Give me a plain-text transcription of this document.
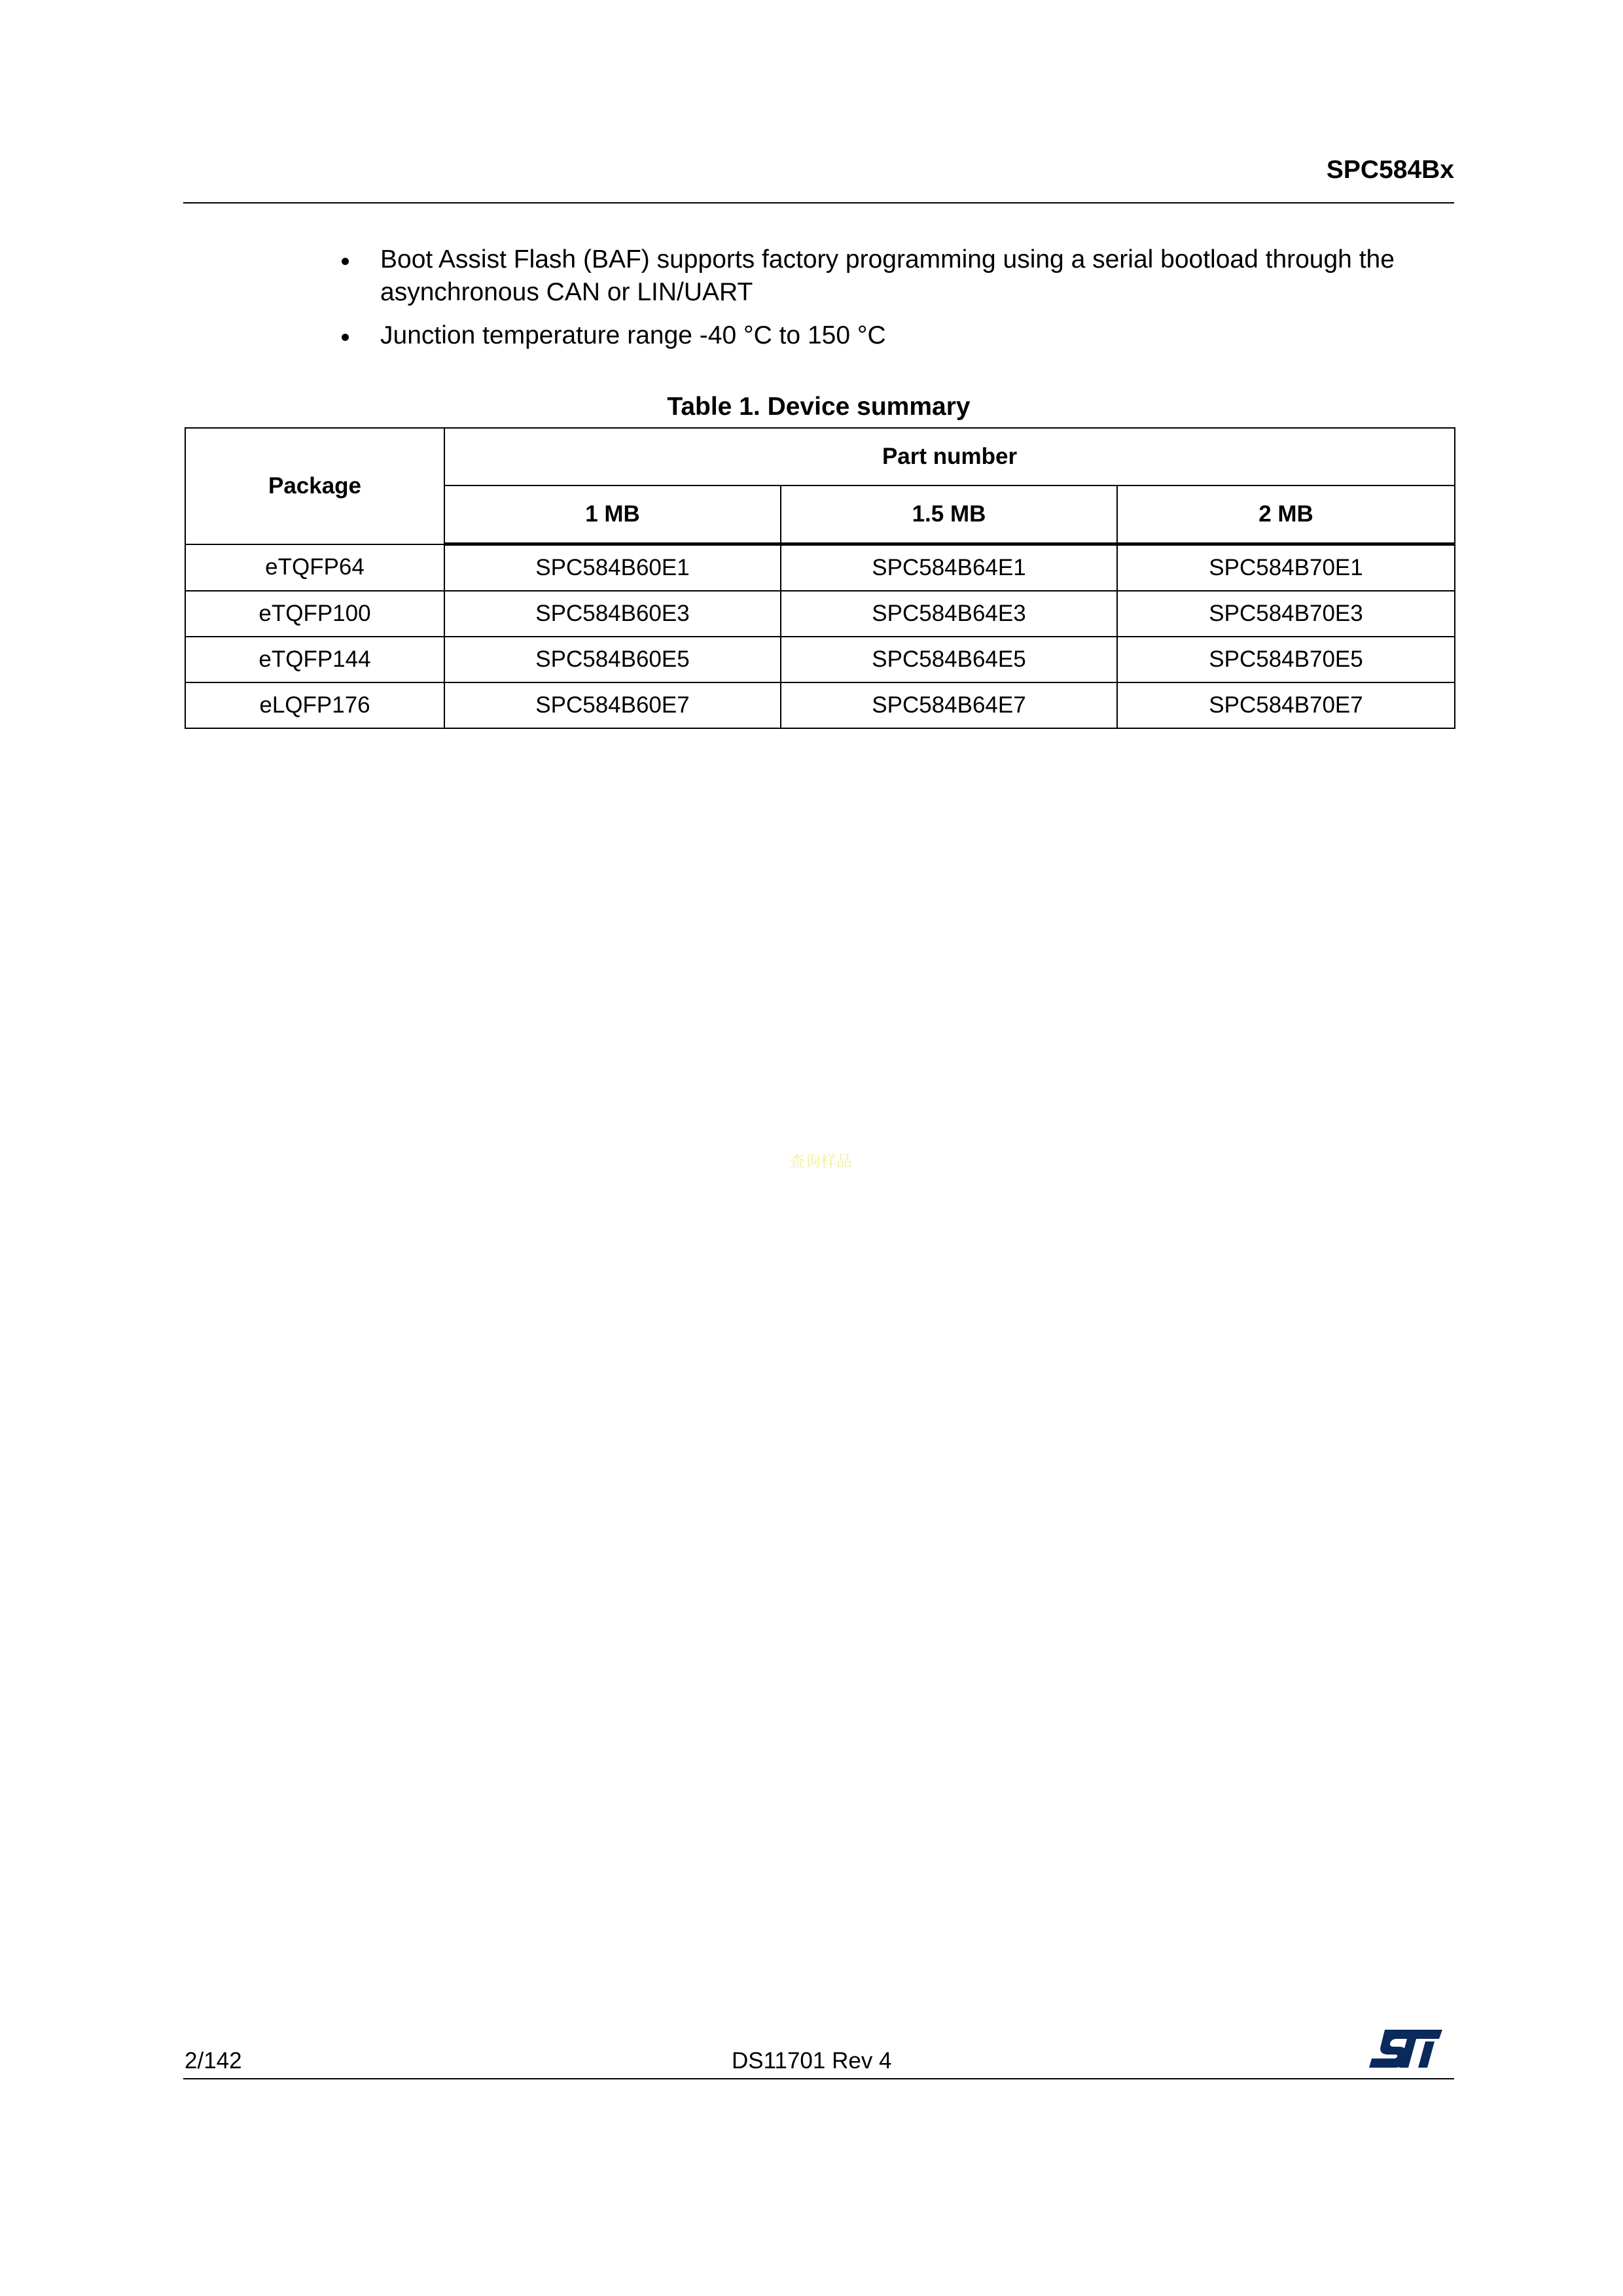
SPC584Bx
Boot Assist Flash (BAF) supports factory programming using a serial bootload through the asynchronous CAN or LIN/UART
Junction temperature range -40 °C to 150 °C

Table 1. Device summary

Package	Part number		
	1 MB	1.5 MB	2 MB
eTQFP64	SPC584B60E1	SPC584B64E1	SPC584B70E1
eTQFP100	SPC584B60E3	SPC584B64E3	SPC584B70E3
eTQFP144	SPC584B60E5	SPC584B64E5	SPC584B70E5
eLQFP176	SPC584B60E7	SPC584B64E7	SPC584B70E7

查询样品

2/142	DS11701 Rev 4
